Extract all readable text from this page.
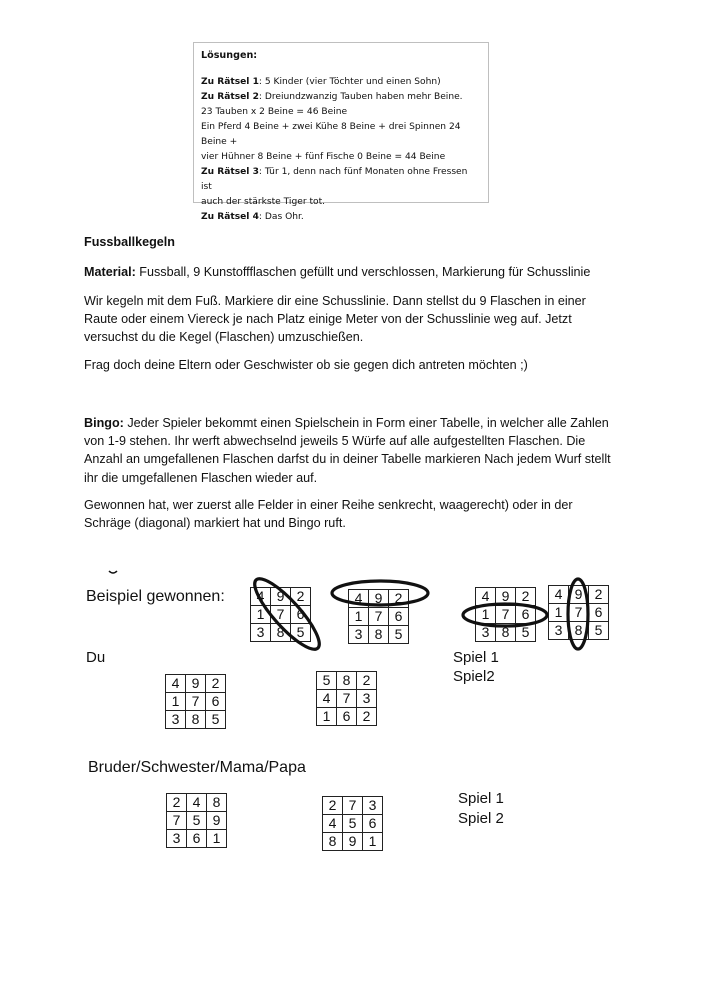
Lösungen:
Zu Rätsel 1: 5 Kinder (vier Töchter und einen Sohn)
Zu Rätsel 2: Dreiundzwanzig Tauben haben mehr Beine.
23 Tauben x 2 Beine = 46 Beine
Ein Pferd 4 Beine + zwei Kühe 8 Beine + drei Spinnen 24 Beine +
vier Hühner 8 Beine + fünf Fische 0 Beine = 44 Beine
Zu Rätsel 3: Tür 1, denn nach fünf Monaten ohne Fressen ist
auch der stärkste Tiger tot.
Zu Rätsel 4: Das Ohr.
Fussballkegeln
Material: Fussball, 9 Kunstoffflaschen gefüllt und verschlossen, Markierung für Schusslinie
Wir kegeln mit dem Fuß. Markiere dir eine Schusslinie. Dann stellst du 9 Flaschen in einer Raute oder einem Viereck je nach Platz einige Meter von der Schusslinie weg auf. Jetzt versuchst du die Kegel (Flaschen) umzuschießen.
Frag doch deine Eltern oder Geschwister ob sie gegen dich antreten möchten ;)
Bingo: Jeder Spieler bekommt einen Spielschein in Form einer Tabelle, in welcher alle Zahlen von 1-9 stehen. Ihr werft abwechselnd jeweils 5 Würfe auf alle aufgestellten Flaschen. Die Anzahl an umgefallenen Flaschen darfst du in deiner Tabelle markieren Nach jedem Wurf stellt ihr die umgefallenen Flaschen wieder auf.
Gewonnen hat, wer zuerst alle Felder in einer Reihe senkrecht, waagerecht) oder in der Schräge (diagonal) markiert hat und Bingo ruft.
Beispiel gewonnen:
Du	Spiel 1
Spiel2
Bruder/Schwester/Mama/Papa
Spiel 1
Spiel 2
4	9	2
1	7	6
3	8	5
4	9	2
1	7	6
3	8	5
4	9	2
1	7	6
3	8	5
4	9	2
1	7	6
3	8	5
4	9	2
1	7	6
3	8	5
5	8	2
4	7	3
1	6	2
2	4	8
7	5	9
3	6	1
2	7	3
4	5	6
8	9	1
